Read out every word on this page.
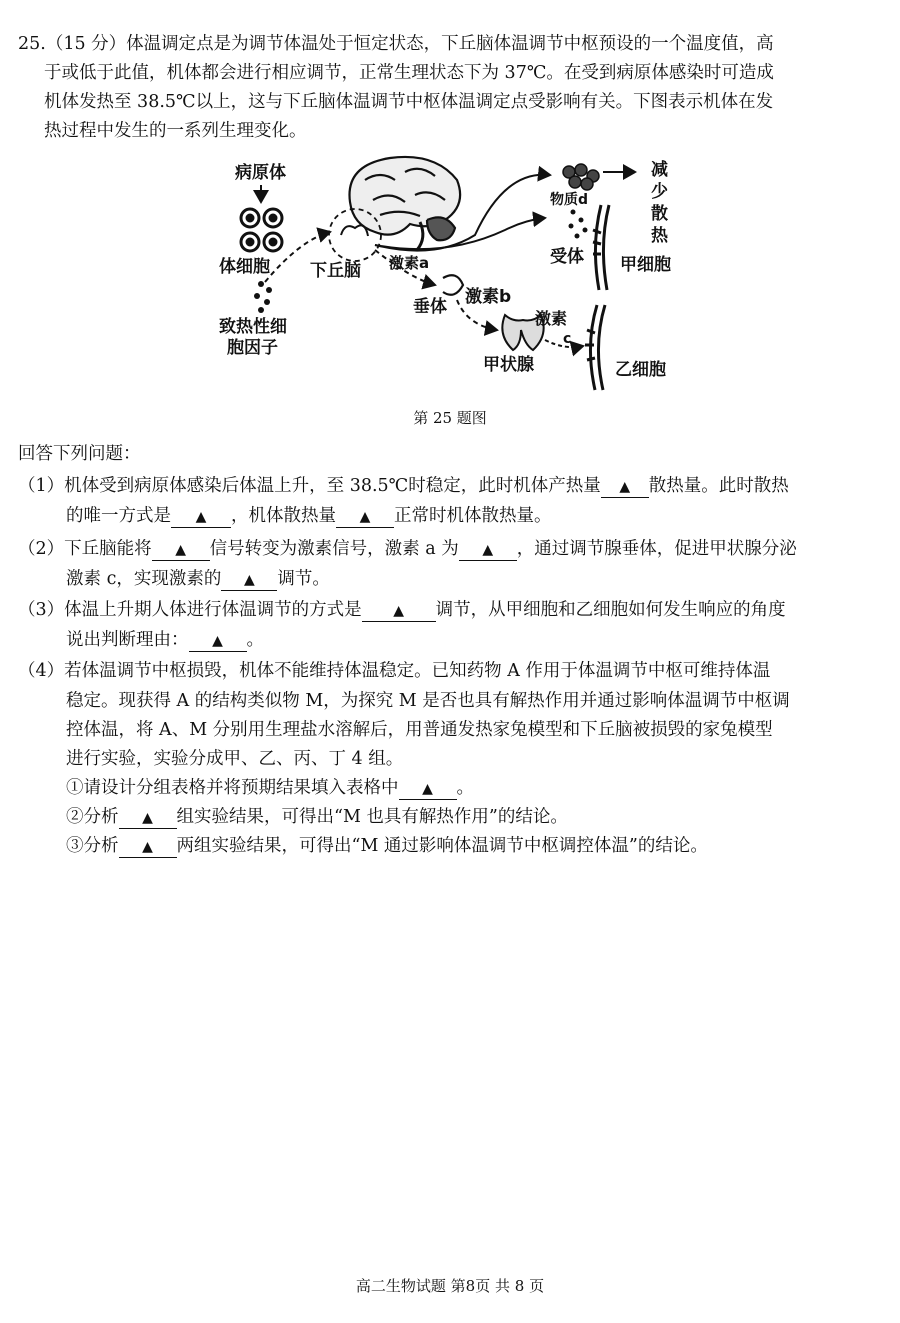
25.（15 分）体温调定点是为调节体温处于恒定状态，下丘脑体温调节中枢预设的一个温度值，高
于或低于此值，机体都会进行相应调节，正常生理状态下为 37℃。在受到病原体感染时可造成
机体发热至 38.5℃以上，这与下丘脑体温调节中枢体温调定点受影响有关。下图表示机体在发
热过程中发生的一系列生理变化。
病原体
体细胞
致热性细
胞因子
下丘脑 激素a
垂体 激素b
甲状腺
激素
c
物质d
受体
减
少
散
热
甲细胞
乙细胞
第 25 题图
回答下列问题：
（1）机体受到病原体感染后体温上升，至 38.5℃时稳定，此时机体产热量 ▲ 散热量。此时散热
的唯一方式是 ▲ ，机体散热量 ▲ 正常时机体散热量。
（2）下丘脑能将 ▲ 信号转变为激素信号，激素 a 为 ▲ ，通过调节腺垂体，促进甲状腺分泌
激素 c，实现激素的 ▲ 调节。
（3）体温上升期人体进行体温调节的方式是 ▲ 调节，从甲细胞和乙细胞如何发生响应的角度
说出判断理由： ▲ 。
（4）若体温调节中枢损毁，机体不能维持体温稳定。已知药物 A 作用于体温调节中枢可维持体温
稳定。现获得 A 的结构类似物 M，为探究 M 是否也具有解热作用并通过影响体温调节中枢调
控体温，将 A、M 分别用生理盐水溶解后，用普通发热家兔模型和下丘脑被损毁的家兔模型
进行实验，实验分成甲、乙、丙、丁 4 组。
①请设计分组表格并将预期结果填入表格中 ▲ 。
②分析 ▲ 组实验结果，可得出“M 也具有解热作用”的结论。
③分析 ▲ 两组实验结果，可得出“M 通过影响体温调节中枢调控体温”的结论。
高二生物试题 第8页 共 8 页
